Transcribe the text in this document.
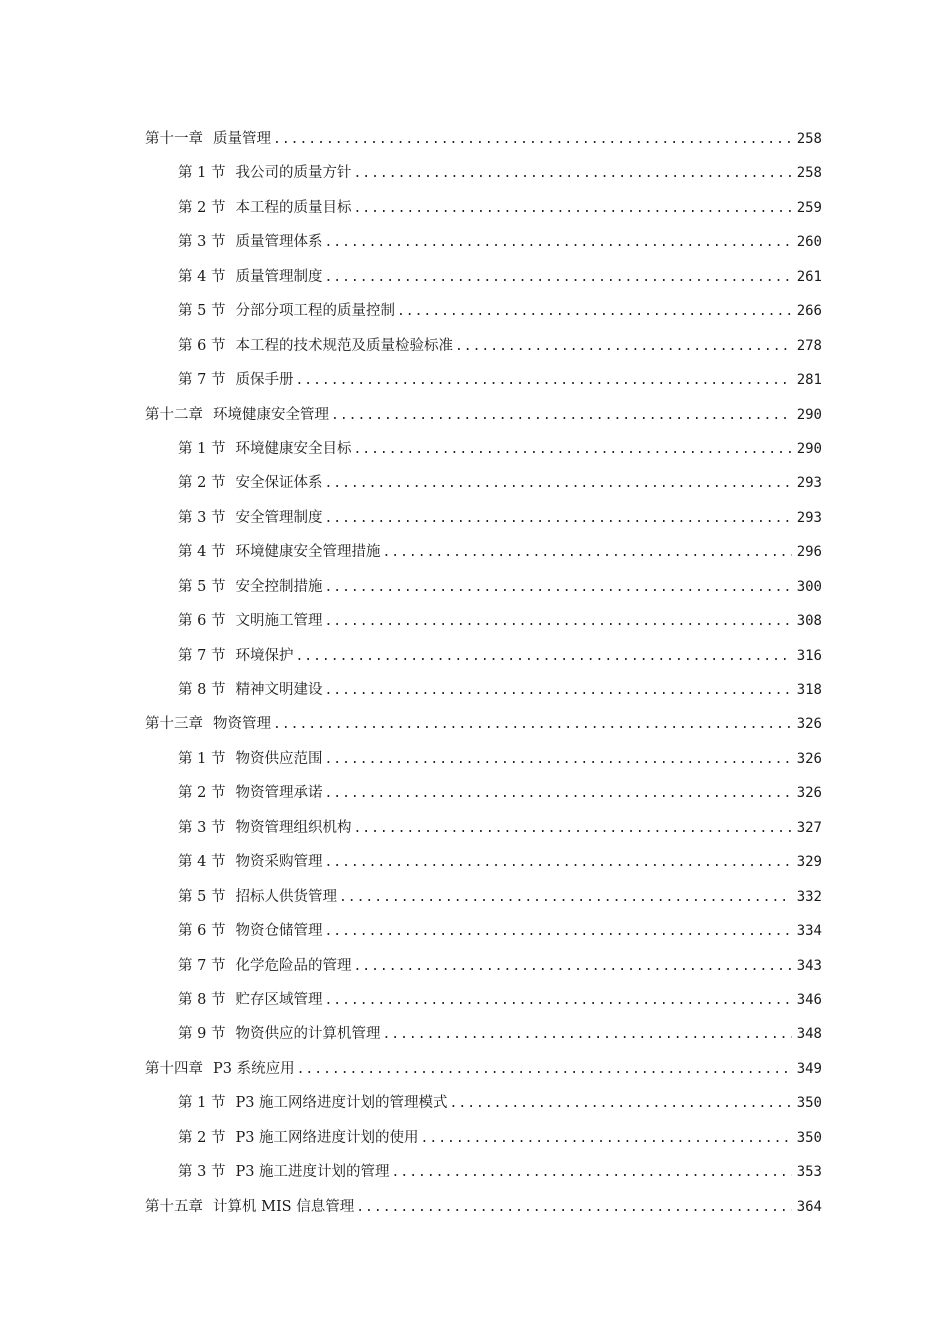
第十一章 质量管理 .....	258
第 1 节 我公司的质量方针 .....	258
第 2 节 本工程的质量目标 .....	259
第 3 节 质量管理体系 .....	260
第 4 节 质量管理制度 .....	261
第 5 节 分部分项工程的质量控制 .....	266
第 6 节 本工程的技术规范及质量检验标准 .....	278
第 7 节 质保手册 .....	281
第十二章 环境健康安全管理 .....	290
第 1 节 环境健康安全目标 .....	290
第 2 节 安全保证体系 .....	293
第 3 节 安全管理制度 .....	293
第 4 节 环境健康安全管理措施 .....	296
第 5 节 安全控制措施 .....	300
第 6 节 文明施工管理 .....	308
第 7 节 环境保护 .....	316
第 8 节 精神文明建设 .....	318
第十三章 物资管理 .....	326
第 1 节 物资供应范围 .....	326
第 2 节 物资管理承诺 .....	326
第 3 节 物资管理组织机构 .....	327
第 4 节 物资采购管理 .....	329
第 5 节 招标人供货管理 .....	332
第 6 节 物资仓储管理 .....	334
第 7 节 化学危险品的管理 .....	343
第 8 节 贮存区域管理 .....	346
第 9 节 物资供应的计算机管理 .....	348
第十四章 P3 系统应用 .....	349
第 1 节 P3 施工网络进度计划的管理模式 .....	350
第 2 节 P3 施工网络进度计划的使用 .....	350
第 3 节 P3 施工进度计划的管理 .....	353
第十五章 计算机 MIS 信息管理 .....	364
